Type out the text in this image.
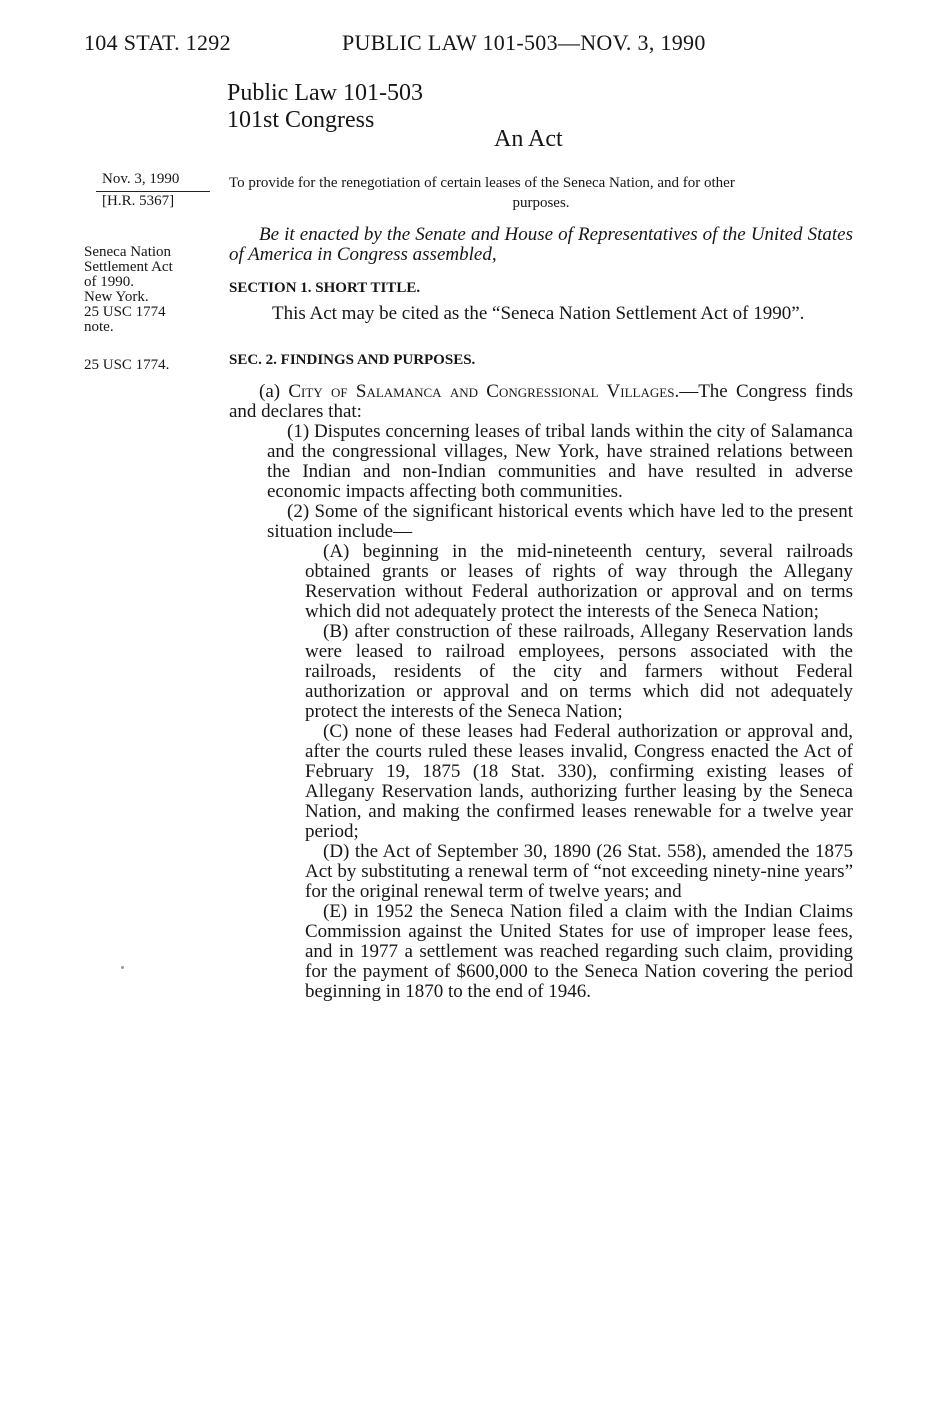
104 STAT. 1292	PUBLIC LAW 101-503—NOV. 3, 1990
Public Law 101-503
101st Congress
An Act
Nov. 3, 1990
[H.R. 5367]
Seneca Nation
Settlement Act
of 1990.
New York.
25 USC 1774
note.
25 USC 1774.
To provide for the renegotiation of certain leases of the Seneca Nation, and for other
purposes.
Be it enacted by the Senate and House of Representatives of the United States of America in Congress assembled,
SECTION 1. SHORT TITLE.
This Act may be cited as the “Seneca Nation Settlement Act of 1990”.
SEC. 2. FINDINGS AND PURPOSES.

(a) City of Salamanca and Congressional Villages.—The Congress finds and declares that:

(1) Disputes concerning leases of tribal lands within the city of Salamanca and the congressional villages, New York, have strained relations between the Indian and non-Indian communities and have resulted in adverse economic impacts affecting both communities.

(2) Some of the significant historical events which have led to the present situation include—

(A) beginning in the mid-nineteenth century, several railroads obtained grants or leases of rights of way through the Allegany Reservation without Federal authorization or approval and on terms which did not adequately protect the interests of the Seneca Nation;

(B) after construction of these railroads, Allegany Reservation lands were leased to railroad employees, persons associated with the railroads, residents of the city and farmers without Federal authorization or approval and on terms which did not adequately protect the interests of the Seneca Nation;

(C) none of these leases had Federal authorization or approval and, after the courts ruled these leases invalid, Congress enacted the Act of February 19, 1875 (18 Stat. 330), confirming existing leases of Allegany Reservation lands, authorizing further leasing by the Seneca Nation, and making the confirmed leases renewable for a twelve year period;

(D) the Act of September 30, 1890 (26 Stat. 558), amended the 1875 Act by substituting a renewal term of “not exceeding ninety-nine years” for the original renewal term of twelve years; and

(E) in 1952 the Seneca Nation filed a claim with the Indian Claims Commission against the United States for use of improper lease fees, and in 1977 a settlement was reached regarding such claim, providing for the payment of $600,000 to the Seneca Nation covering the period beginning in 1870 to the end of 1946.
